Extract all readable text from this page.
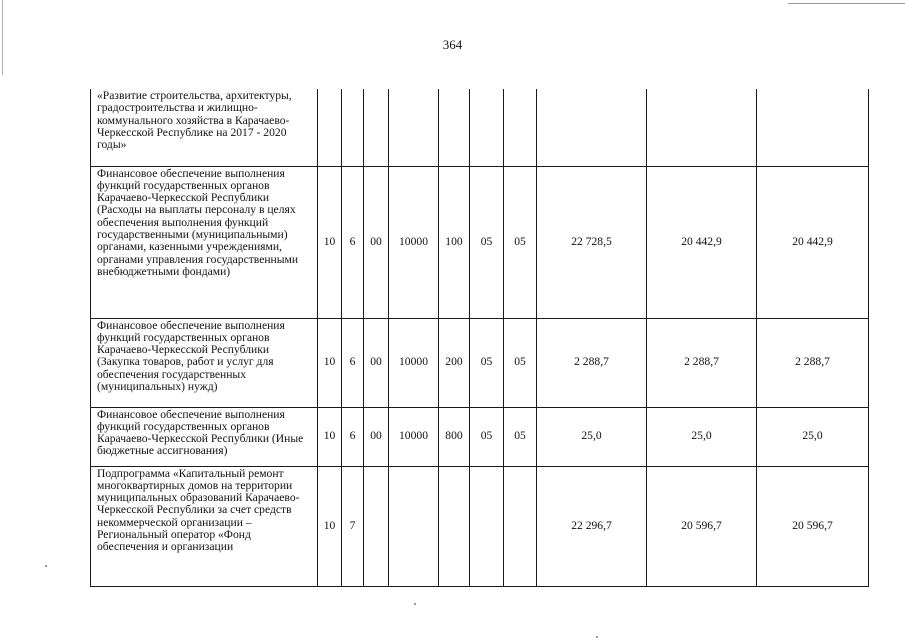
364
«Развитие строительства, архитектуры, градостроительства и жилищно-коммунального хозяйства в Карачаево-Черкесской Республике на 2017 - 2020 годы»										
Финансовое обеспечение выполнения функций государственных органов Карачаево-Черкесской Республики (Расходы на выплаты персоналу в целях обеспечения выполнения функций государственными (муниципальными) органами, казенными учреждениями, органами управления государственными внебюджетными фондами)	10	6	00	10000	100	05	05	22 728,5	20 442,9	20 442,9
Финансовое обеспечение выполнения функций государственных органов Карачаево-Черкесской Республики (Закупка товаров, работ и услуг для обеспечения государственных (муниципальных) нужд)	10	6	00	10000	200	05	05	2 288,7	2 288,7	2 288,7
Финансовое обеспечение выполнения функций государственных органов Карачаево-Черкесской Республики (Иные бюджетные ассигнования)	10	6	00	10000	800	05	05	25,0	25,0	25,0
Подпрограмма «Капитальный ремонт многоквартирных домов на территории муниципальных образований Карачаево-Черкесской Республики за счет средств некоммерческой организации – Региональный оператор «Фонд обеспечения и организации	10	7						22 296,7	20 596,7	20 596,7
